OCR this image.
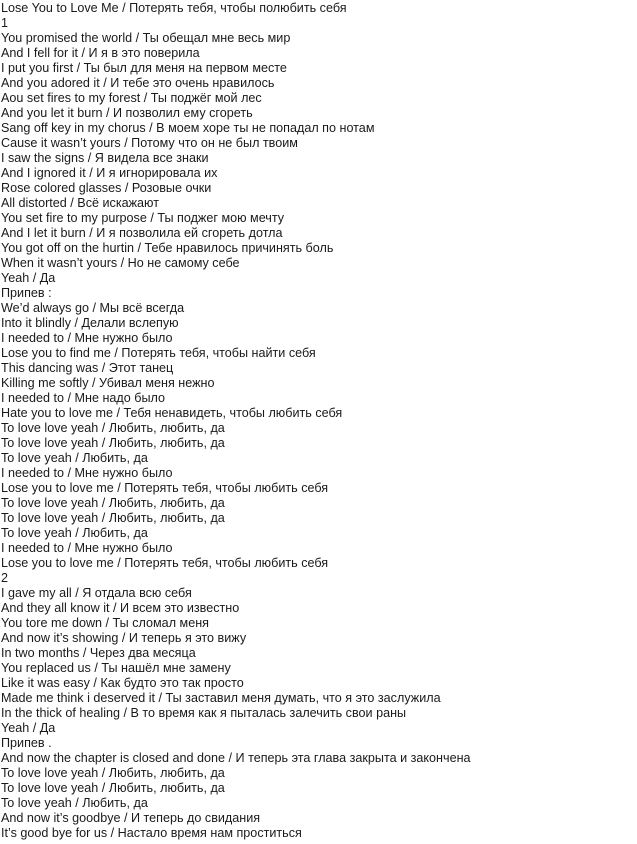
Lose You to Love Me / Потерять тебя, чтобы полюбить себя
1
You promised the world / Ты обещал мне весь мир
And I fell for it / И я в это поверила
I put you first / Ты был для меня на первом месте
And you adored it / И тебе это очень нравилось
Aou set fires to my forest / Ты поджёг мой лес
And you let it burn / И позволил ему сгореть
Sang off key in my chorus / В моем хоре ты не попадал по нотам
Cause it wasn’t yours / Потому что он не был твоим
I saw the signs / Я видела все знаки
And I ignored it / И я игнорировала их
Rose colored glasses / Розовые очки
All distorted / Всё искажают
You set fire to my purpose / Ты поджег мою мечту
And I let it burn / И я позволила ей сгореть дотла
You got off on the hurtin / Тебе нравилось причинять боль
When it wasn’t yours / Но не самому себе
Yeah / Да
Припев :
We’d always go / Мы всё всегда
Into it blindly / Делали вслепую
I needed to / Мне нужно было
Lose you to find me / Потерять тебя, чтобы найти себя
This dancing was / Этот танец
Killing me softly / Убивал меня нежно
I needed to / Мне надо было
Hate you to love me / Тебя ненавидеть, чтобы любить себя
To love love yeah / Любить, любить, да
To love love yeah / Любить, любить, да
To love yeah / Любить, да
I needed to / Мне нужно было
Lose you to love me / Потерять тебя, чтобы любить себя
To love love yeah / Любить, любить, да
To love love yeah / Любить, любить, да
To love yeah / Любить, да
I needed to / Мне нужно было
Lose you to love me / Потерять тебя, чтобы любить себя
2
I gave my all / Я отдала всю себя
And they all know it / И всем это известно
You tore me down / Ты сломал меня
And now it’s showing / И теперь я это вижу
In two months / Через два месяца
You replaced us / Ты нашёл мне замену
Like it was easy / Как будто это так просто
Made me think i deserved it / Ты заставил меня думать, что я это заслужила
In the thick of healing / В то время как я пыталась залечить свои раны
Yeah / Да
Припев .
And now the chapter is closed and done / И теперь эта глава закрыта и закончена
To love love yeah / Любить, любить, да
To love love yeah / Любить, любить, да
To love yeah / Любить, да
And now it’s goodbye / И теперь до свидания
It’s good bye for us / Настало время нам проститься
